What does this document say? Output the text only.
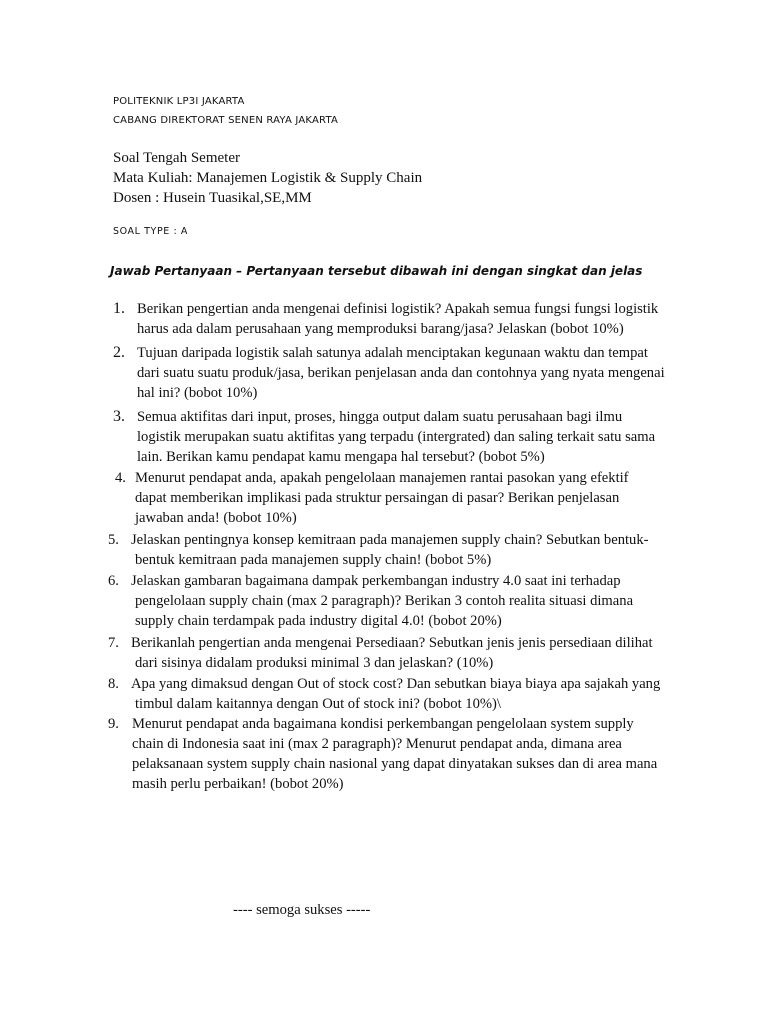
POLITEKNIK LP3I JAKARTA
CABANG DIREKTORAT SENEN RAYA JAKARTA
Soal Tengah Semeter
Mata Kuliah: Manajemen Logistik & Supply Chain
Dosen : Husein Tuasikal,SE,MM
SOAL TYPE : A
Jawab Pertanyaan – Pertanyaan tersebut dibawah ini dengan singkat dan jelas
1. Berikan pengertian anda mengenai definisi logistik? Apakah semua fungsi fungsi logistik
harus ada dalam perusahaan yang memproduksi barang/jasa? Jelaskan (bobot 10%)
2. Tujuan daripada logistik salah satunya adalah menciptakan kegunaan waktu dan tempat
dari suatu suatu produk/jasa, berikan penjelasan anda dan contohnya yang nyata mengenai
hal ini? (bobot 10%)
3. Semua aktifitas dari input, proses, hingga output dalam suatu perusahaan bagi ilmu
logistik merupakan suatu aktifitas yang terpadu (intergrated) dan saling terkait satu sama
lain. Berikan kamu pendapat kamu mengapa hal tersebut? (bobot 5%)
4. Menurut pendapat anda, apakah pengelolaan manajemen rantai pasokan yang efektif
dapat memberikan implikasi pada struktur persaingan di pasar? Berikan penjelasan
jawaban anda! (bobot 10%)
5. Jelaskan pentingnya konsep kemitraan pada manajemen supply chain? Sebutkan bentuk-
bentuk kemitraan pada manajemen supply chain! (bobot 5%)
6. Jelaskan gambaran bagaimana dampak perkembangan industry 4.0 saat ini terhadap
pengelolaan supply chain (max 2 paragraph)? Berikan 3 contoh realita situasi dimana
supply chain terdampak pada industry digital 4.0! (bobot 20%)
7. Berikanlah pengertian anda mengenai Persediaan? Sebutkan jenis jenis persediaan dilihat
dari sisinya didalam produksi minimal 3 dan jelaskan? (10%)
8. Apa yang dimaksud dengan Out of stock cost? Dan sebutkan biaya biaya apa sajakah yang
timbul dalam kaitannya dengan Out of stock ini? (bobot 10%)\
9. Menurut pendapat anda bagaimana kondisi perkembangan pengelolaan system supply
chain di Indonesia saat ini (max 2 paragraph)? Menurut pendapat anda, dimana area
pelaksanaan system supply chain nasional yang dapat dinyatakan sukses dan di area mana
masih perlu perbaikan! (bobot 20%)
---- semoga sukses -----
